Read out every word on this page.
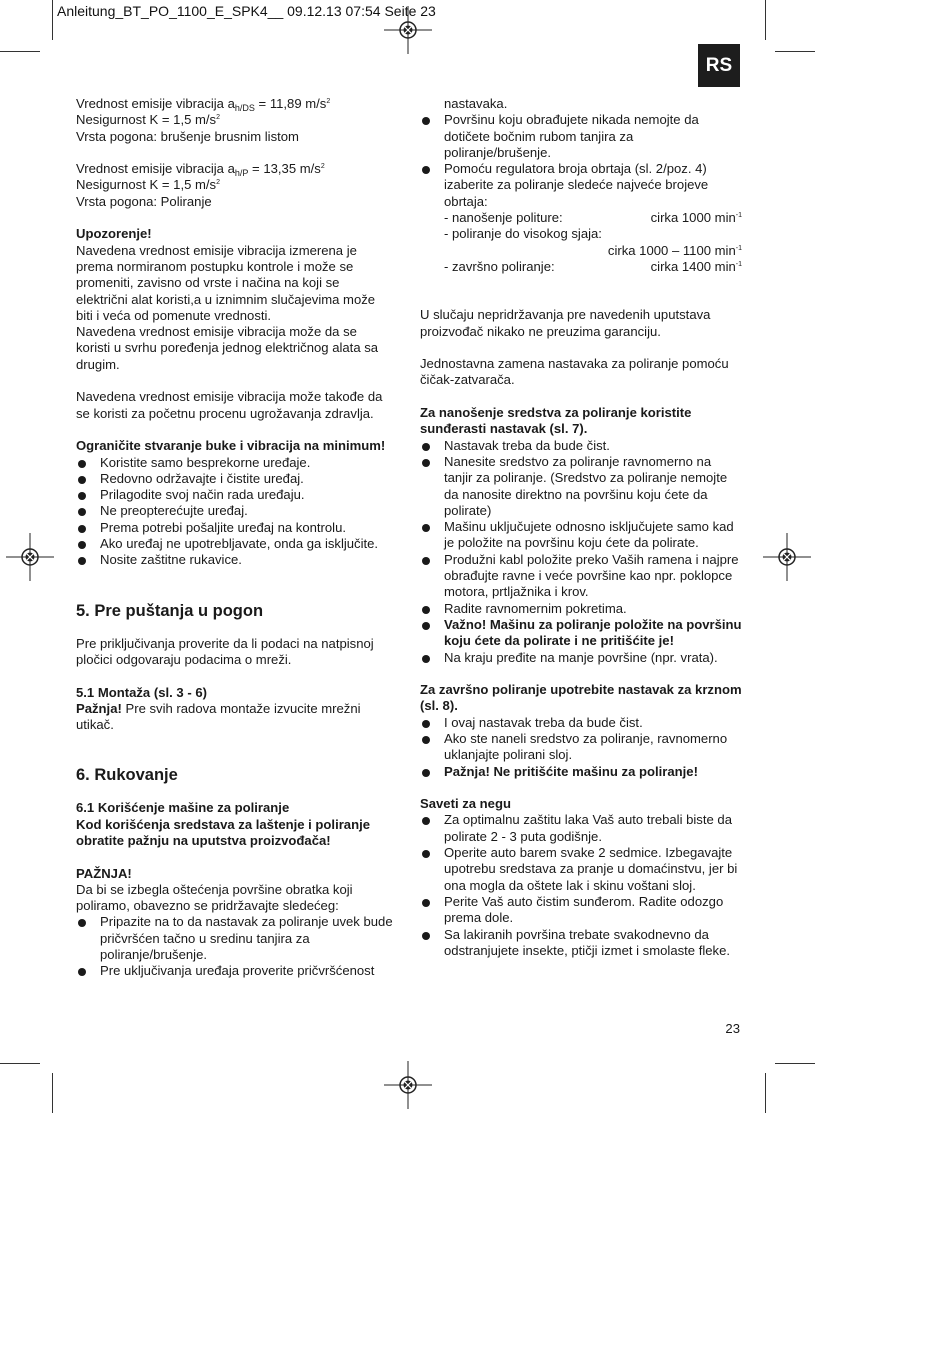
Anleitung_BT_PO_1100_E_SPK4__ 09.12.13 07:54 Seite 23
RS

Vrednost emisije vibracija $a_{h/DS} = 11,89$ $m/s^2$

Nesigurnost K = 1,5 $m/s^2$

Vrsta pogona: brušenje brusnim listom

Vrednost emisije vibracija $a_{h/P} = 13,35$ $m/s^2$

Nesigurnost K = 1,5 $m/s^2$

Vrsta pogona: Poliranje

Upozorenje!

Navedena vrednost emisije vibracija izmerena je prema normiranom postupku kontrole i može se promeniti, zavisno od vrste i načina na koji se električni alat koristi,a u iznimnim slučajevima može biti i veća od pomenute vrednosti.

Navedena vrednost emisije vibracija može da se koristi u svrhu poređenja jednog električnog alata sa drugim.

Navedena vrednost emisije vibracija može takođe da se koristi za početnu procenu ugrožavanja zdravlja.

Ograničite stvaranje buke i vibracija na minimum!

Koristite samo besprekorne uređaje.

Redovno održavajte i čistite uređaj.

Prilagodite svoj način rada uređaju.

Ne preopterećujte uređaj.

Prema potrebi pošaljite uređaj na kontrolu.

Ako uređaj ne upotrebljavate, onda ga isključite.

Nosite zaštitne rukavice.

5. Pre puštanja u pogon

Pre priključivanja proverite da li podaci na natpisnoj pločici odgovaraju podacima o mreži.

5.1 Montaža (sl. 3 - 6)

Pažnja! Pre svih radova montaže izvucite mrežni utikač.

6. Rukovanje

6.1 Korišćenje mašine za poliranje

Kod korišćenja sredstava za laštenje i poliranje obratite pažnju na uputstva proizvođača!

PAŽNJA!

Da bi se izbegla oštećenja površine obratka koji poliramo, obavezno se pridržavajte sledećeg:

Pripazite na to da nastavak za poliranje uvek bude pričvršćen tačno u sredinu tanjira za poliranje/brušenje.

Pre uključivanja uređaja proverite pričvršćenost

nastavaka.

Površinu koju obrađujete nikada nemojte da dotičete bočnim rubom tanjira za poliranje/brušenje.

Pomoću regulatora broja obrtaja (sl. 2/poz. 4) izaberite za poliranje sledeće najveće brojeve obrtaja:

- nanošenje politure:	cirka 1000 $\min^{-1}$

- poliranje do visokog sjaja:

cirka 1000 – 1100 $\min^{-1}$

- završno poliranje:	cirka 1400 $\min^{-1}$

U slučaju nepridržavanja pre navedenih uputstava proizvođač nikako ne preuzima garanciju.

Jednostavna zamena nastavaka za poliranje pomoću čičak-zatvarača.

Za nanošenje sredstva za poliranje koristite sunđerasti nastavak (sl. 7).

Nastavak treba da bude čist.

Nanesite sredstvo za poliranje ravnomerno na tanjir za poliranje. (Sredstvo za poliranje nemojte da nanosite direktno na površinu koju ćete da polirate)

Mašinu uključujete odnosno isključujete samo kad je položite na površinu koju ćete da polirate.

Produžni kabl položite preko Vaših ramena i najpre obrađujte ravne i veće površine kao npr. poklopce motora, prtljažnika i krov.

Radite ravnomernim pokretima.

Važno! Mašinu za poliranje položite na površinu koju ćete da polirate i ne pritišćite je!

Na kraju pređite na manje površine (npr. vrata).

Za završno poliranje upotrebite nastavak za krznom (sl. 8).

I ovaj nastavak treba da bude čist.

Ako ste naneli sredstvo za poliranje, ravnomerno uklanjajte polirani sloj.

Pažnja! Ne pritišćite mašinu za poliranje!

Saveti za negu

Za optimalnu zaštitu laka Vaš auto trebali biste da polirate 2 - 3 puta godišnje.

Operite auto barem svake 2 sedmice. Izbegavajte upotrebu sredstava za pranje u domaćinstvu, jer bi ona mogla da oštete lak i skinu voštani sloj.

Perite Vaš auto čistim sunđerom. Radite odozgo prema dole.

Sa lakiranih površina trebate svakodnevno da odstranjujete insekte, ptičji izmet i smolaste fleke.

23
